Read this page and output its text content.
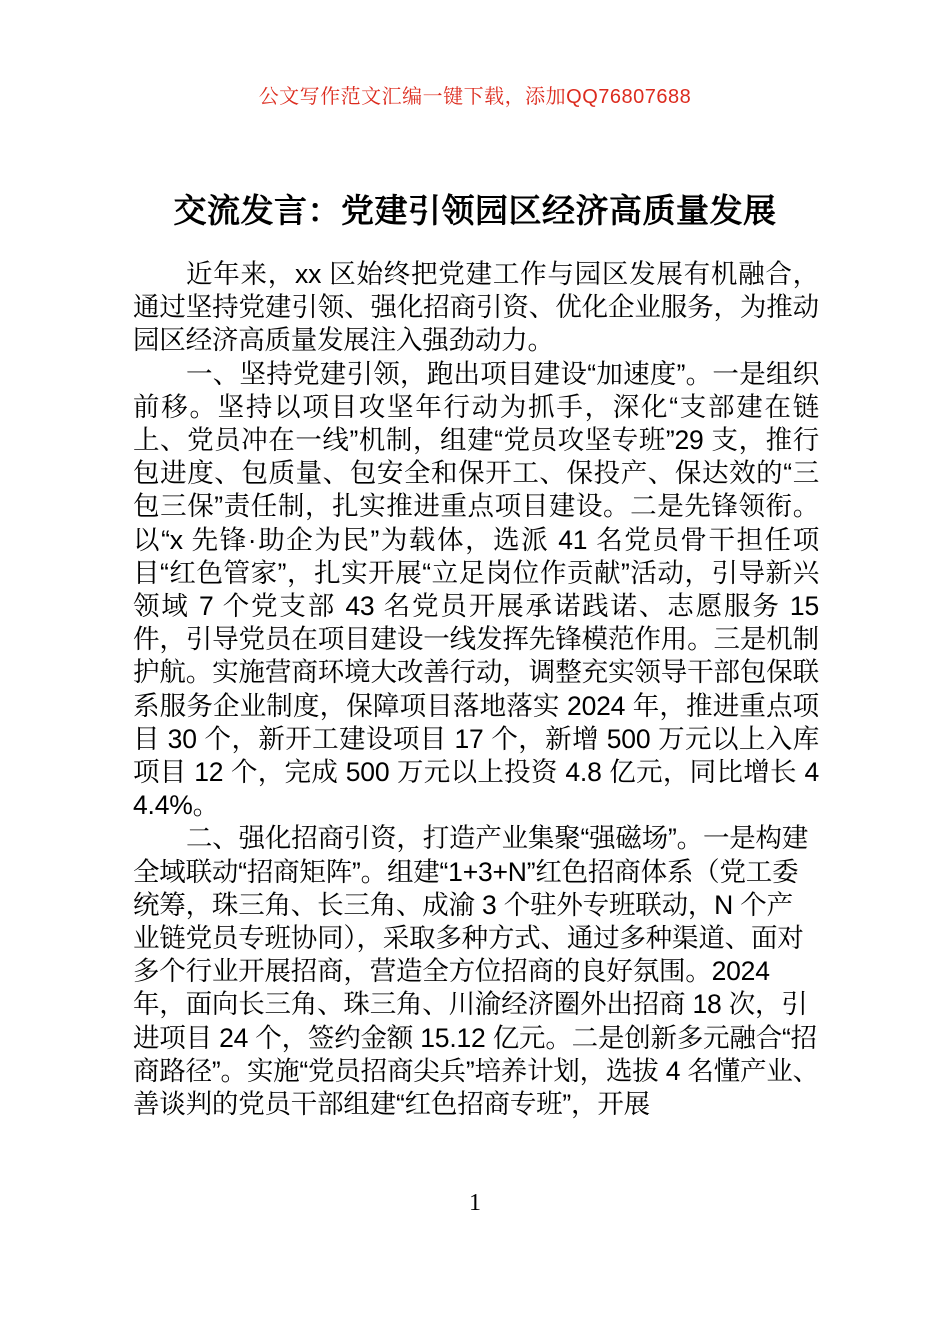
公文写作范文汇编一键下载，添加QQ76807688
交流发言：党建引领园区经济高质量发展

近年来，xx 区始终把党建工作与园区发展有机融合，通过坚持党建引领、强化招商引资、优化企业服务，为推动园区经济高质量发展注入强劲动力。

一、坚持党建引领，跑出项目建设“加速度”。一是组织前移。坚持以项目攻坚年行动为抓手，深化“支部建在链上、党员冲在一线”机制，组建“党员攻坚专班”29 支，推行包进度、包质量、包安全和保开工、保投产、保达效的“三包三保”责任制，扎实推进重点项目建设。二是先锋领衔。以“x 先锋·助企为民”为载体，选派 41 名党员骨干担任项目“红色管家”，扎实开展“立足岗位作贡献”活动，引导新兴领域 7 个党支部 43 名党员开展承诺践诺、志愿服务 15 件，引导党员在项目建设一线发挥先锋模范作用。三是机制护航。实施营商环境大改善行动，调整充实领导干部包保联系服务企业制度，保障项目落地落实 2024 年，推进重点项目 30 个，新开工建设项目 17 个，新增 500 万元以上入库项目 12 个，完成 500 万元以上投资 4.8 亿元，同比增长 44.4%。

二、强化招商引资，打造产业集聚“强磁场”。一是构建全域联动“招商矩阵”。组建“1+3+N”红色招商体系（党工委统筹，珠三角、长三角、成渝 3 个驻外专班联动，N 个产业链党员专班协同），采取多种方式、通过多种渠道、面对多个行业开展招商，营造全方位招商的良好氛围。2024 年，面向长三角、珠三角、川渝经济圈外出招商 18 次，引进项目 24 个，签约金额 15.12 亿元。二是创新多元融合“招商路径”。实施“党员招商尖兵”培养计划，选拔 4 名懂产业、善谈判的党员干部组建“红色招商专班”，开展

1
